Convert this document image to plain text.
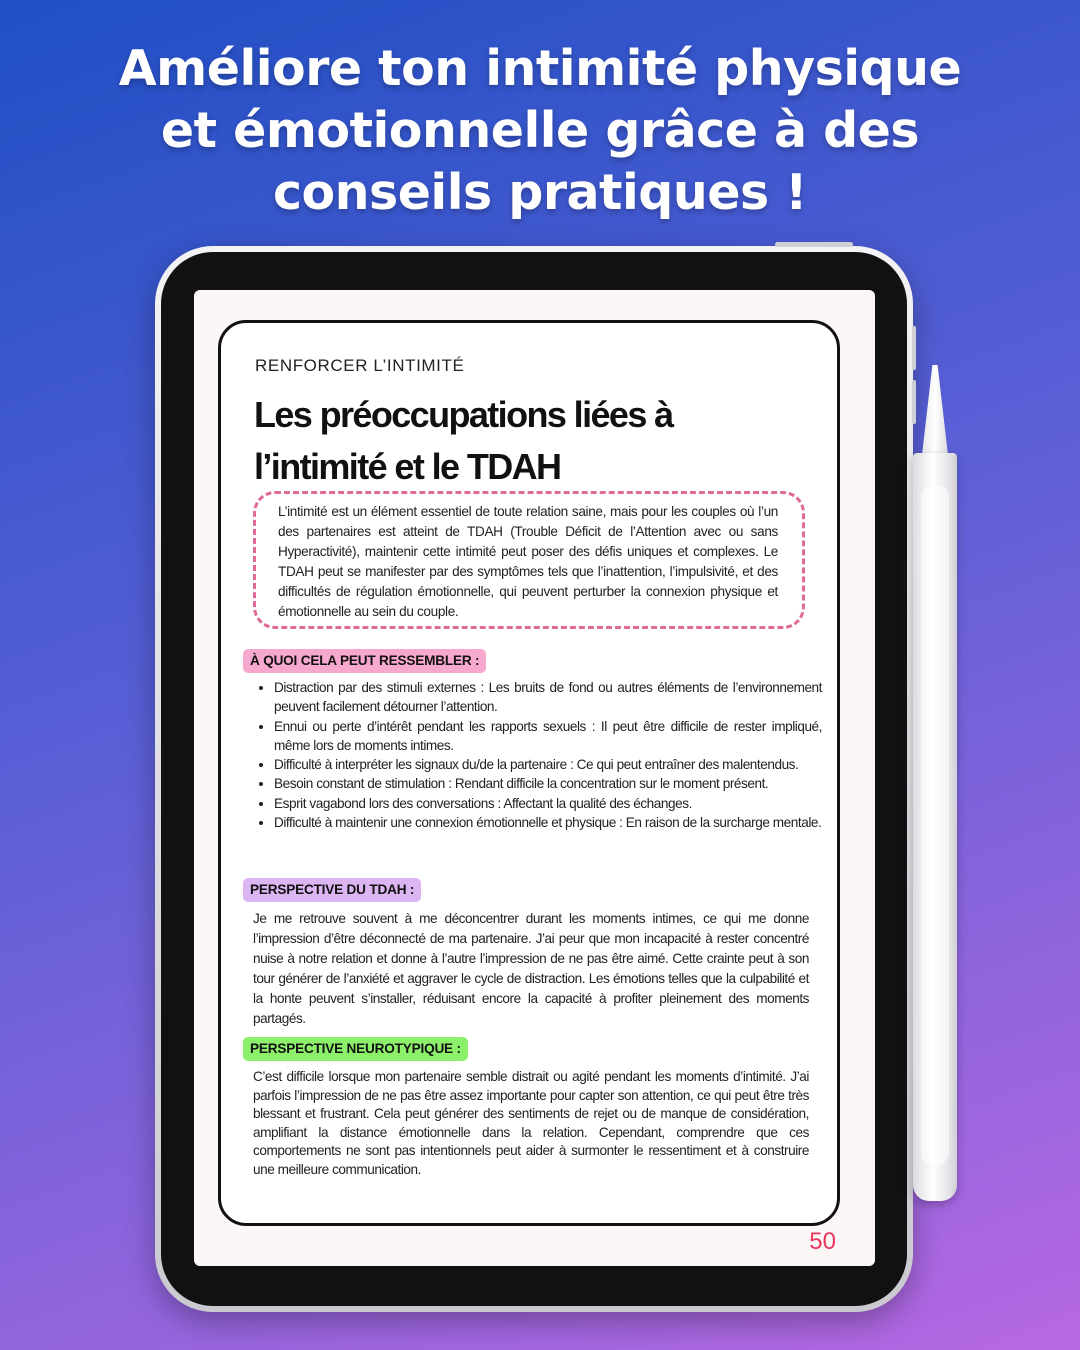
Améliore ton intimité physique
et émotionnelle grâce à des
conseils pratiques !
RENFORCER L’INTIMITÉ
Les préoccupations liées à
l’intimité et le TDAH
L’intimité est un élément essentiel de toute relation saine, mais pour les couples où l’un des partenaires est atteint de TDAH (Trouble Déficit de l’Attention avec ou sans Hyperactivité), maintenir cette intimité peut poser des défis uniques et complexes. Le TDAH peut se manifester par des symptômes tels que l’inattention, l’impulsivité, et des difficultés de régulation émotionnelle, qui peuvent perturber la connexion physique et émotionnelle au sein du couple.
À QUOI CELA PEUT RESSEMBLER :
• Distraction par des stimuli externes : Les bruits de fond ou autres éléments de l’environnement peuvent facilement détourner l’attention.
• Ennui ou perte d’intérêt pendant les rapports sexuels : Il peut être difficile de rester impliqué, même lors de moments intimes.
• Difficulté à interpréter les signaux du/de la partenaire : Ce qui peut entraîner des malentendus.
• Besoin constant de stimulation : Rendant difficile la concentration sur le moment présent.
• Esprit vagabond lors des conversations : Affectant la qualité des échanges.
• Difficulté à maintenir une connexion émotionnelle et physique : En raison de la surcharge mentale.
PERSPECTIVE DU TDAH :

Je me retrouve souvent à me déconcentrer durant les moments intimes, ce qui me donne l’impression d’être déconnecté de ma partenaire. J’ai peur que mon incapacité à rester concentré nuise à notre relation et donne à l’autre l’impression de ne pas être aimé. Cette crainte peut à son tour générer de l’anxiété et aggraver le cycle de distraction. Les émotions telles que la culpabilité et la honte peuvent s’installer, réduisant encore la capacité à profiter pleinement des moments partagés.

PERSPECTIVE NEUROTYPIQUE :

C’est difficile lorsque mon partenaire semble distrait ou agité pendant les moments d’intimité. J’ai parfois l’impression de ne pas être assez importante pour capter son attention, ce qui peut être très blessant et frustrant. Cela peut générer des sentiments de rejet ou de manque de considération, amplifiant la distance émotionnelle dans la relation. Cependant, comprendre que ces comportements ne sont pas intentionnels peut aider à surmonter le ressentiment et à construire une meilleure communication.

50
